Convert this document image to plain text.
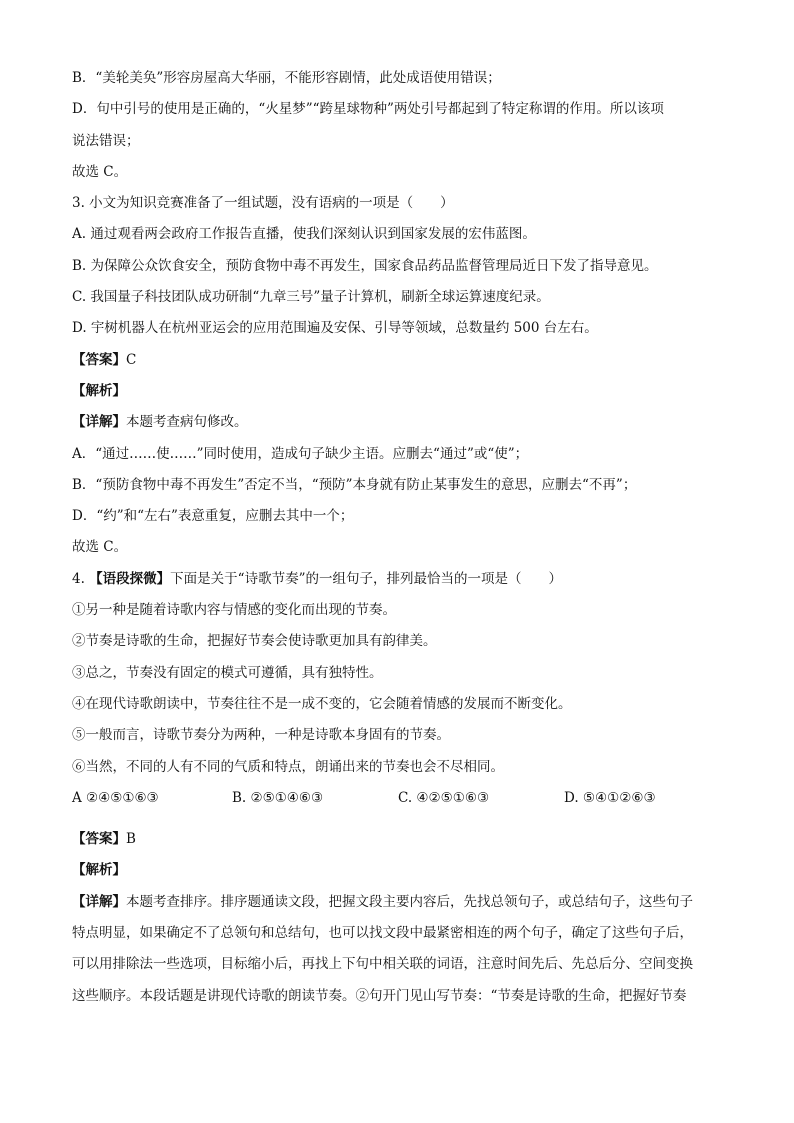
B．“美轮美奂”形容房屋高大华丽，不能形容剧情，此处成语使用错误；
D．句中引号的使用是正确的，“火星梦”“跨星球物种”两处引号都起到了特定称谓的作用。所以该项
说法错误；
故选 C。
3. 小文为知识竞赛准备了一组试题，没有语病的一项是（　　）
A. 通过观看两会政府工作报告直播，使我们深刻认识到国家发展的宏伟蓝图。
B. 为保障公众饮食安全，预防食物中毒不再发生，国家食品药品监督管理局近日下发了指导意见。
C. 我国量子科技团队成功研制“九章三号”量子计算机，刷新全球运算速度纪录。
D. 宇树机器人在杭州亚运会的应用范围遍及安保、引导等领域，总数量约 500 台左右。
【答案】C
【解析】
【详解】本题考查病句修改。
A．“通过……使……”同时使用，造成句子缺少主语。应删去“通过”或“使”；
B．“预防食物中毒不再发生”否定不当，“预防”本身就有防止某事发生的意思，应删去“不再”；
D．“约”和“左右”表意重复，应删去其中一个；
故选 C。
4. 【语段探微】下面是关于“诗歌节奏”的一组句子，排列最恰当的一项是（　　）
①另一种是随着诗歌内容与情感的变化而出现的节奏。
②节奏是诗歌的生命，把握好节奏会使诗歌更加具有韵律美。
③总之，节奏没有固定的模式可遵循，具有独特性。
④在现代诗歌朗读中，节奏往往不是一成不变的，它会随着情感的发展而不断变化。
⑤一般而言，诗歌节奏分为两种，一种是诗歌本身固有的节奏。
⑥当然，不同的人有不同的气质和特点，朗诵出来的节奏也会不尽相同。
A ②④⑤①⑥③	B. ②⑤①④⑥③	C. ④②⑤①⑥③	D. ⑤④①②⑥③
【答案】B
【解析】
【详解】本题考查排序。排序题通读文段，把握文段主要内容后，先找总领句子，或总结句子，这些句子
特点明显，如果确定不了总领句和总结句，也可以找文段中最紧密相连的两个句子，确定了这些句子后，
可以用排除法一些选项，目标缩小后，再找上下句中相关联的词语，注意时间先后、先总后分、空间变换
这些顺序。本段话题是讲现代诗歌的朗读节奏。②句开门见山写节奏：“节奏是诗歌的生命，把握好节奏
